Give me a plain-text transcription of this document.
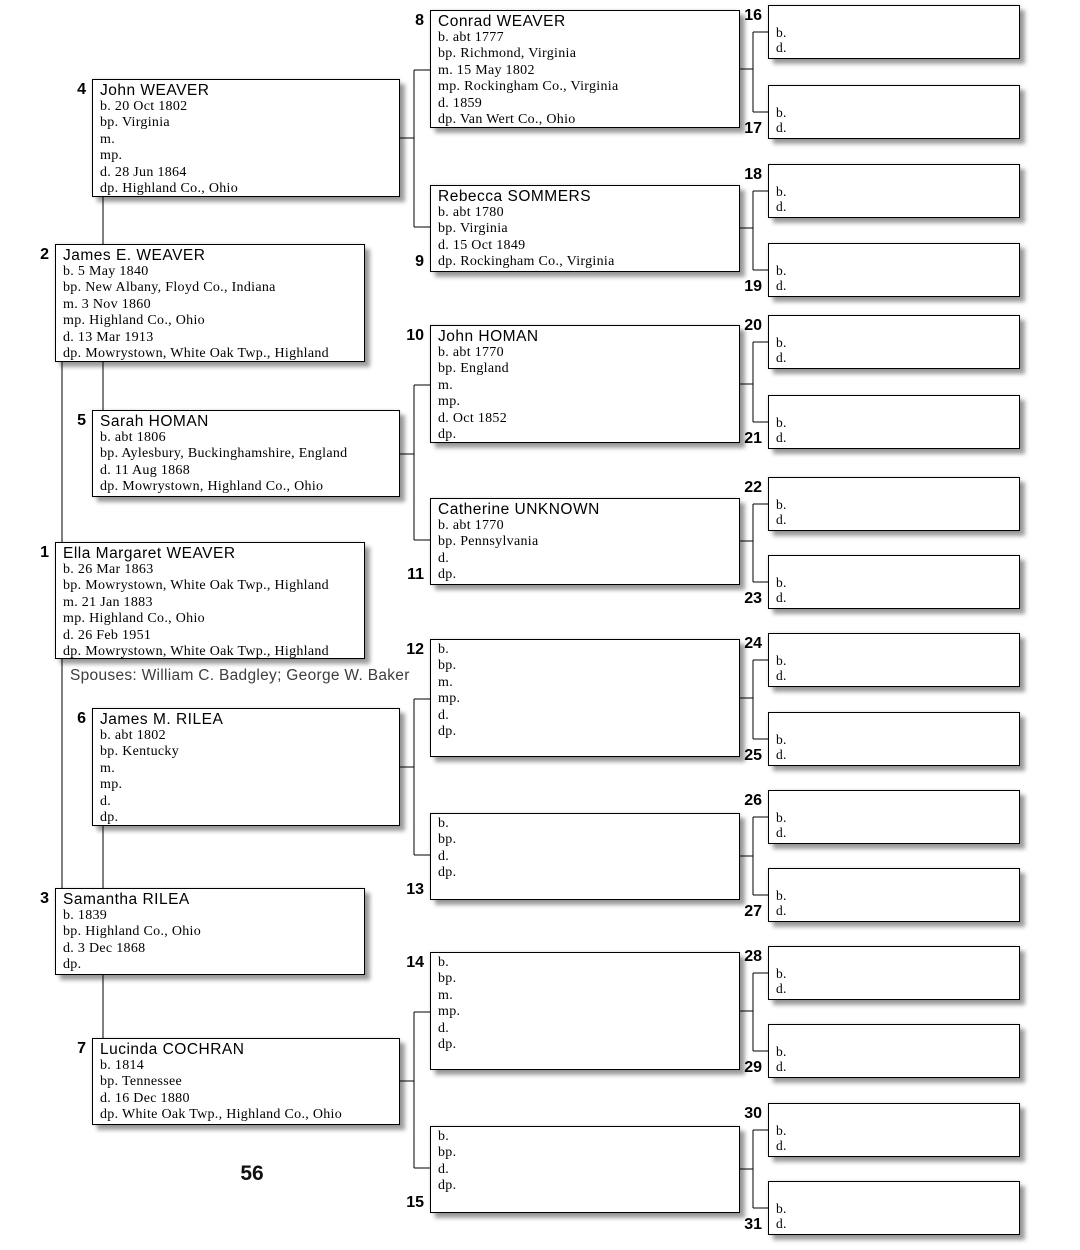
Ella Margaret WEAVER
b. 26 Mar 1863
bp. Mowrystown, White Oak Twp., Highland
m. 21 Jan 1883
mp. Highland Co., Ohio
d. 26 Feb 1951
dp. Mowrystown, White Oak Twp., Highland
1
James E. WEAVER
b. 5 May 1840
bp. New Albany, Floyd Co., Indiana
m. 3 Nov 1860
mp. Highland Co., Ohio
d. 13 Mar 1913
dp. Mowrystown, White Oak Twp., Highland
2
Samantha RILEA
b. 1839
bp. Highland Co., Ohio
d. 3 Dec 1868
dp.
3
John WEAVER
b. 20 Oct 1802
bp. Virginia
m.
mp.
d. 28 Jun 1864
dp. Highland Co., Ohio
4
Sarah HOMAN
b. abt 1806
bp. Aylesbury, Buckinghamshire, England
d. 11 Aug 1868
dp. Mowrystown, Highland Co., Ohio
5
James M. RILEA
b. abt 1802
bp. Kentucky
m.
mp.
d.
dp.
6
Lucinda COCHRAN
b. 1814
bp. Tennessee
d. 16 Dec 1880
dp. White Oak Twp., Highland Co., Ohio
7
Conrad WEAVER
b. abt 1777
bp. Richmond, Virginia
m. 15 May 1802
mp. Rockingham Co., Virginia
d. 1859
dp. Van Wert Co., Ohio
8
Rebecca SOMMERS
b. abt 1780
bp. Virginia
d. 15 Oct 1849
dp. Rockingham Co., Virginia
9
John HOMAN
b. abt 1770
bp. England
m.
mp.
d. Oct 1852
dp.
10
Catherine UNKNOWN
b. abt 1770
bp. Pennsylvania
d.
dp.
11
b.
bp.
m.
mp.
d.
dp.
12
b.
bp.
d.
dp.
13
b.
bp.
m.
mp.
d.
dp.
14
b.
bp.
d.
dp.
15
b.
d.
16
b.
d.
17
b.
d.
18
b.
d.
19
b.
d.
20
b.
d.
21
b.
d.
22
b.
d.
23
b.
d.
24
b.
d.
25
b.
d.
26
b.
d.
27
b.
d.
28
b.
d.
29
b.
d.
30
b.
d.
31
Spouses: William C. Badgley; George W. Baker
56
